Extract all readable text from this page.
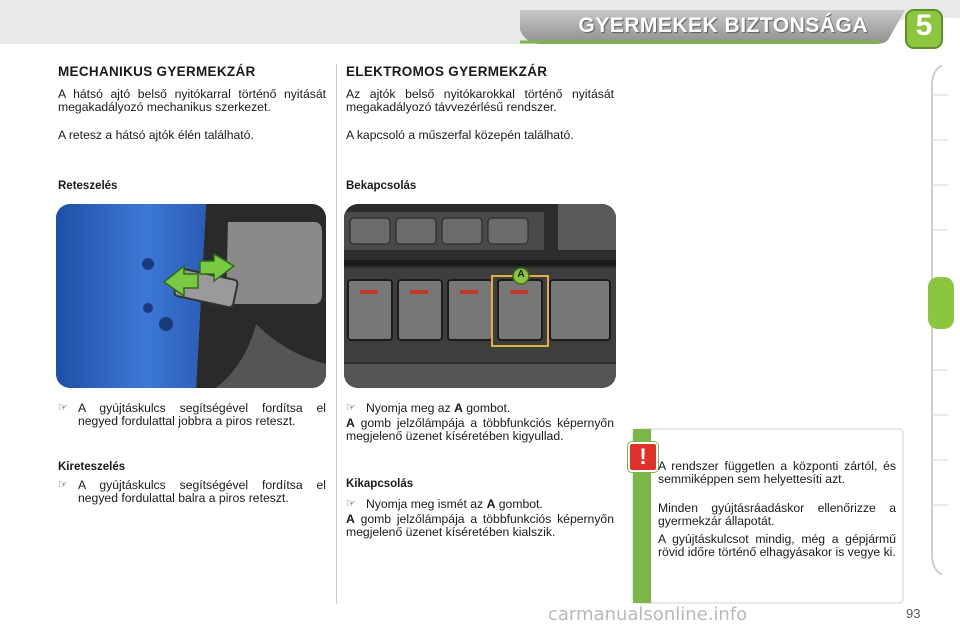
GYERMEKEK BIZTONSÁGA	5
MECHANIKUS GYERMEKZÁR

A hátsó ajtó belső nyitókarral történő nyitását megakadályozó mechanikus szerkezet.

A retesz a hátsó ajtók élén található.

Reteszelés
☞ A gyújtáskulcs segítségével fordítsa el negyed fordulattal jobbra a piros reteszt.
Kireteszelés
☞ A gyújtáskulcs segítségével fordítsa el negyed fordulattal balra a piros reteszt.
ELEKTROMOS GYERMEKZÁR

Az ajtók belső nyitókarokkal történő nyitását megakadályozó távvezérlésű rendszer.

A kapcsoló a műszerfal közepén található.

Bekapcsolás
A
☞ Nyomja meg az A gombot.

A gomb jelzőlámpája a többfunkciós képernyőn megjelenő üzenet kíséretében kigyullad.

Kikapcsolás
☞ Nyomja meg ismét az A gombot.

A gomb jelzőlámpája a többfunkciós képernyőn megjelenő üzenet kíséretében kialszik.

! A rendszer független a központi zártól, és semmiképpen sem helyettesíti azt.
Minden gyújtásráadáskor ellenőrizze a gyermekzár állapotát.
A gyújtáskulcsot mindig, még a gépjármű rövid időre történő elhagyásakor is vegye ki.
carmanualsonline.info	93
